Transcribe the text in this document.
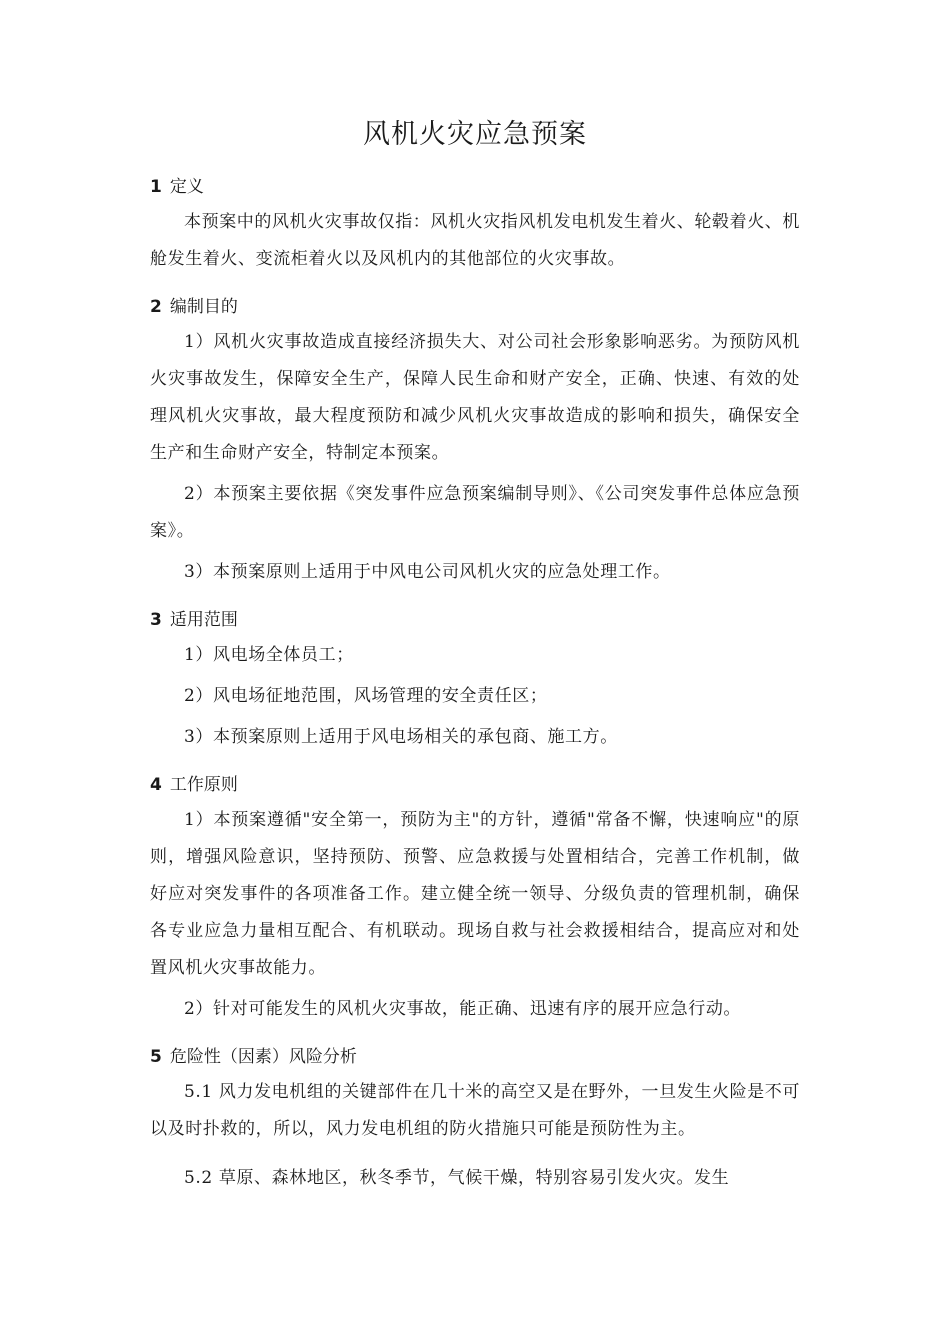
风机火灾应急预案
1 定义

本预案中的风机火灾事故仅指：风机火灾指风机发电机发生着火、轮毂着火、机舱发生着火、变流柜着火以及风机内的其他部位的火灾事故。

2 编制目的

1）风机火灾事故造成直接经济损失大、对公司社会形象影响恶劣。为预防风机火灾事故发生，保障安全生产，保障人民生命和财产安全，正确、快速、有效的处理风机火灾事故，最大程度预防和减少风机火灾事故造成的影响和损失，确保安全生产和生命财产安全，特制定本预案。

2）本预案主要依据《突发事件应急预案编制导则》、《公司突发事件总体应急预案》。

3）本预案原则上适用于中风电公司风机火灾的应急处理工作。

3 适用范围

1）风电场全体员工；

2）风电场征地范围，风场管理的安全责任区；

3）本预案原则上适用于风电场相关的承包商、施工方。

4 工作原则

1）本预案遵循"安全第一，预防为主"的方针，遵循"常备不懈，快速响应"的原则，增强风险意识，坚持预防、预警、应急救援与处置相结合，完善工作机制，做好应对突发事件的各项准备工作。建立健全统一领导、分级负责的管理机制，确保各专业应急力量相互配合、有机联动。现场自救与社会救援相结合，提高应对和处置风机火灾事故能力。

2）针对可能发生的风机火灾事故，能正确、迅速有序的展开应急行动。

5 危险性（因素）风险分析

5.1 风力发电机组的关键部件在几十米的高空又是在野外，一旦发生火险是不可以及时扑救的，所以，风力发电机组的防火措施只可能是预防性为主。

5.2 草原、森林地区，秋冬季节，气候干燥，特别容易引发火灾。发生
